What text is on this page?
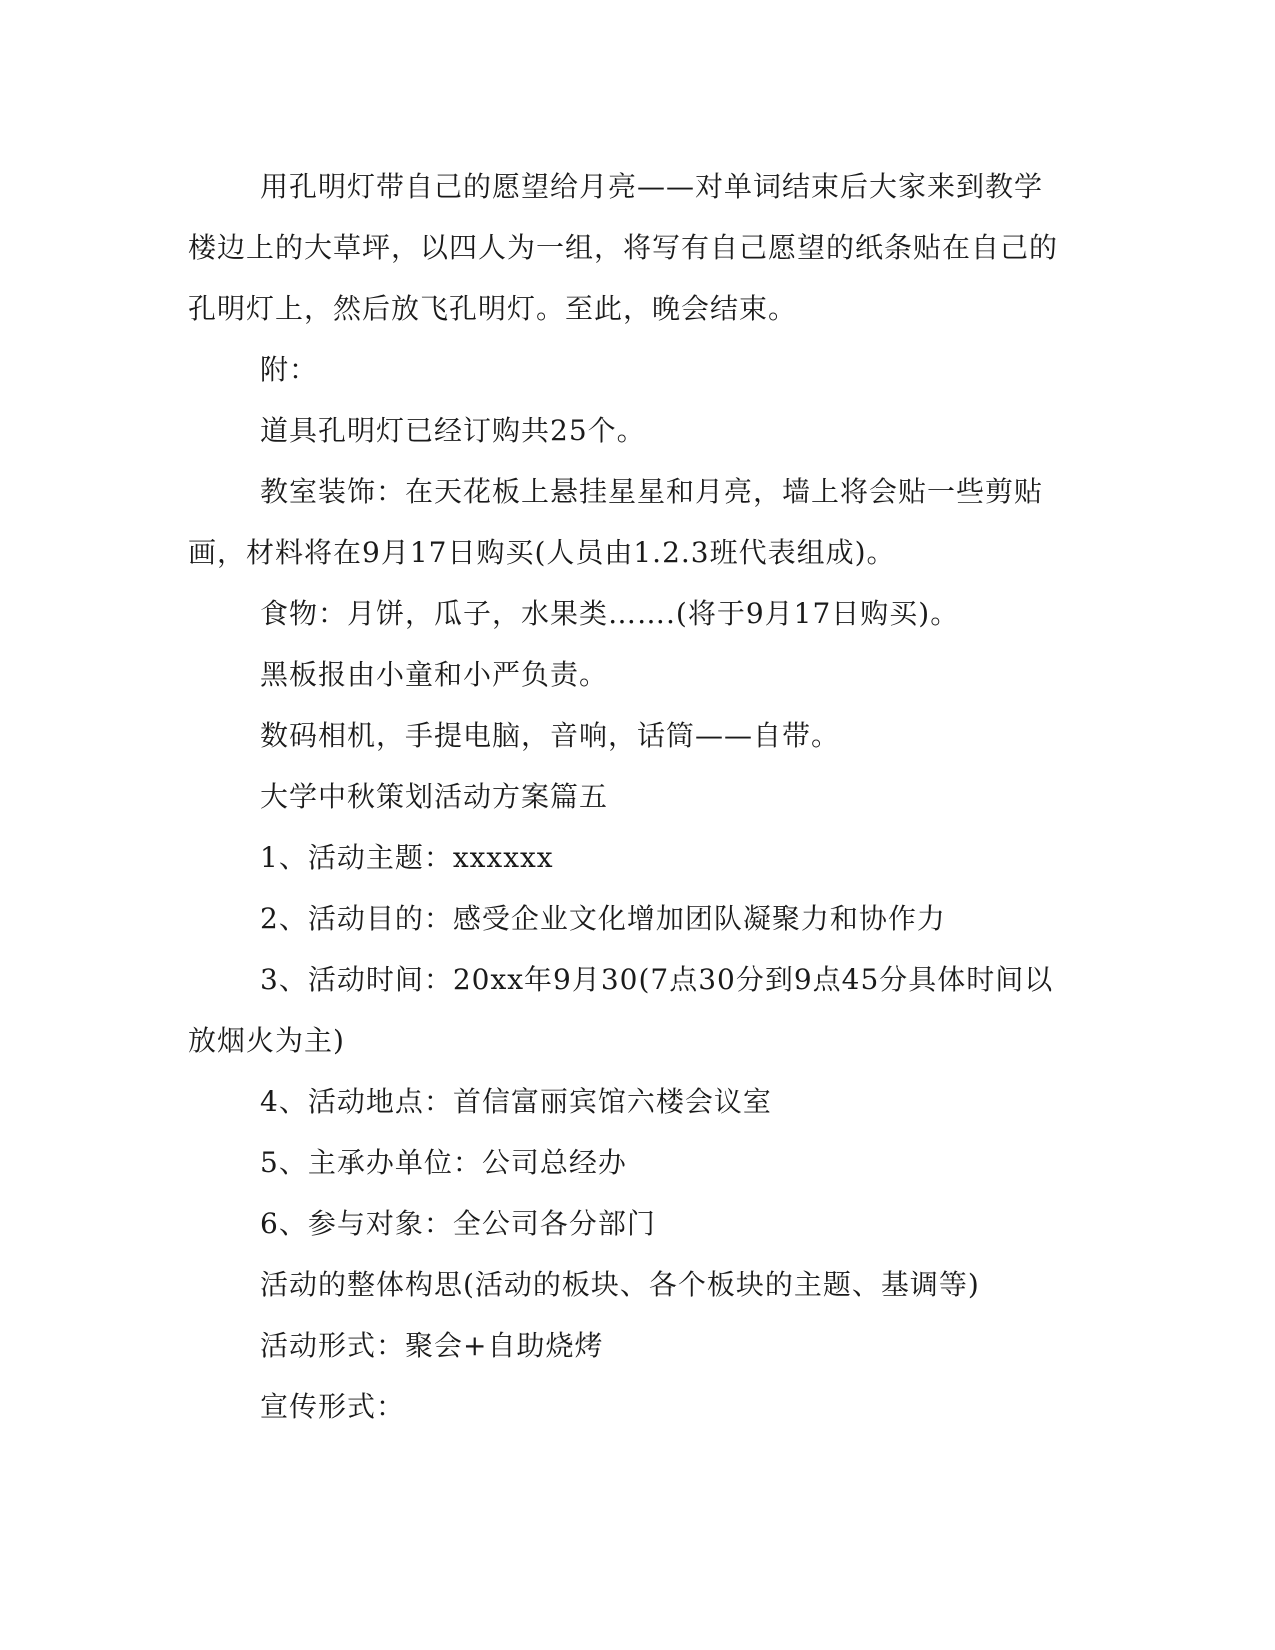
用孔明灯带自己的愿望给月亮——对单词结束后大家来到教学楼边上的大草坪，以四人为一组，将写有自己愿望的纸条贴在自己的孔明灯上，然后放飞孔明灯。至此，晚会结束。

附：

道具孔明灯已经订购共25个。

教室装饰：在天花板上悬挂星星和月亮，墙上将会贴一些剪贴画，材料将在9月17日购买(人员由1.2.3班代表组成)。

食物：月饼，瓜子，水果类…….(将于9月17日购买)。

黑板报由小童和小严负责。

数码相机，手提电脑，音响，话筒——自带。

大学中秋策划活动方案篇五

1、活动主题：xxxxxx

2、活动目的：感受企业文化增加团队凝聚力和协作力

3、活动时间：20xx年9月30(7点30分到9点45分具体时间以放烟火为主)

4、活动地点：首信富丽宾馆六楼会议室

5、主承办单位：公司总经办

6、参与对象：全公司各分部门

活动的整体构思(活动的板块、各个板块的主题、基调等)

活动形式：聚会+自助烧烤

宣传形式：
